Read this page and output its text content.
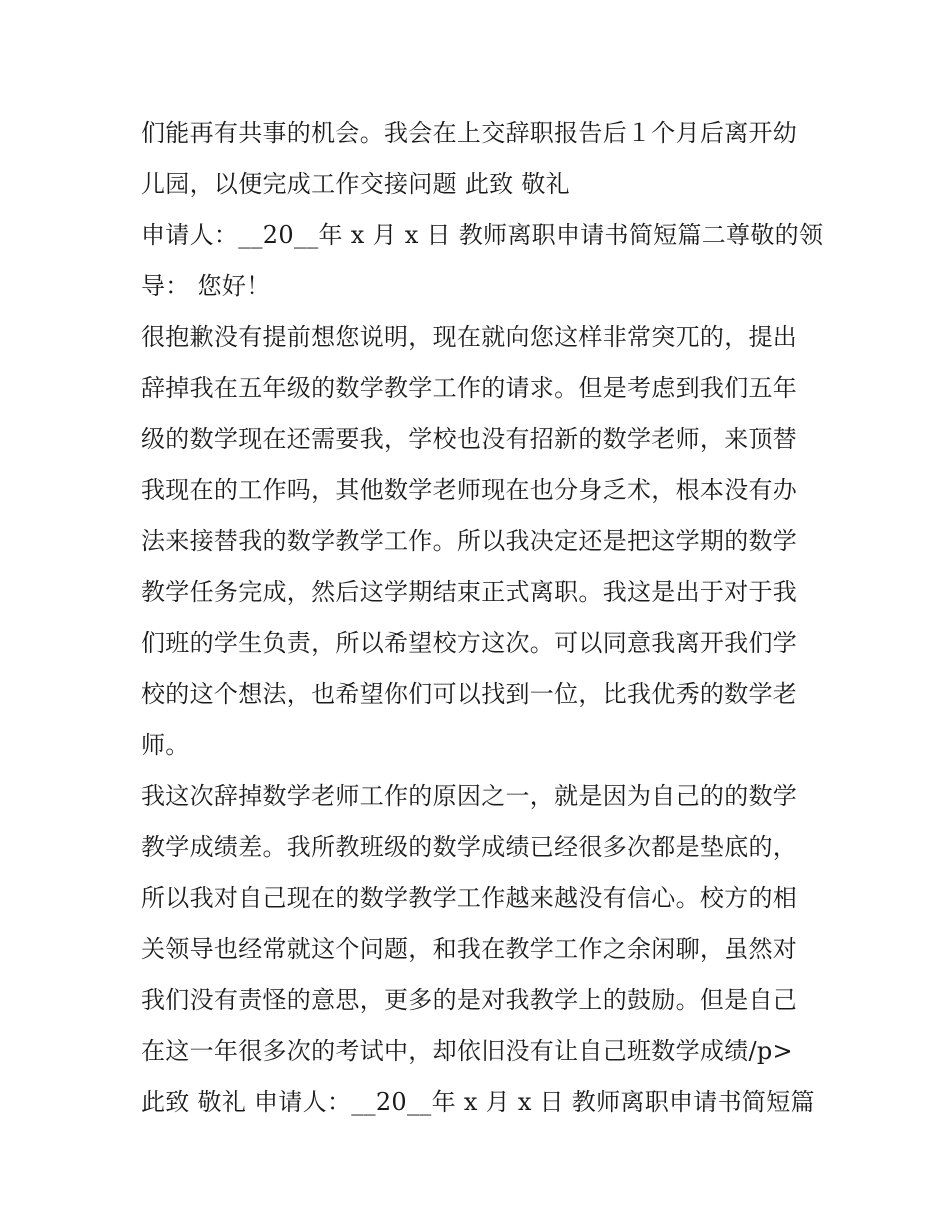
们能再有共事的机会。我会在上交辞职报告后１个月后离开幼
儿园，以便完成工作交接问题 此致 敬礼
申请人：__20__年 x 月 x 日 教师离职申请书简短篇二尊敬的领
导： 您好！
很抱歉没有提前想您说明，现在就向您这样非常突兀的，提出
辞掉我在五年级的数学教学工作的请求。但是考虑到我们五年
级的数学现在还需要我，学校也没有招新的数学老师，来顶替
我现在的工作吗，其他数学老师现在也分身乏术，根本没有办
法来接替我的数学教学工作。所以我决定还是把这学期的数学
教学任务完成，然后这学期结束正式离职。我这是出于对于我
们班的学生负责，所以希望校方这次。可以同意我离开我们学
校的这个想法，也希望你们可以找到一位，比我优秀的数学老
师。
我这次辞掉数学老师工作的原因之一，就是因为自己的的数学
教学成绩差。我所教班级的数学成绩已经很多次都是垫底的，
所以我对自己现在的数学教学工作越来越没有信心。校方的相
关领导也经常就这个问题，和我在教学工作之余闲聊，虽然对
我们没有责怪的意思，更多的是对我教学上的鼓励。但是自己
在这一年很多次的考试中，却依旧没有让自己班数学成绩/p>
此致 敬礼 申请人：__20__年 x 月 x 日 教师离职申请书简短篇
